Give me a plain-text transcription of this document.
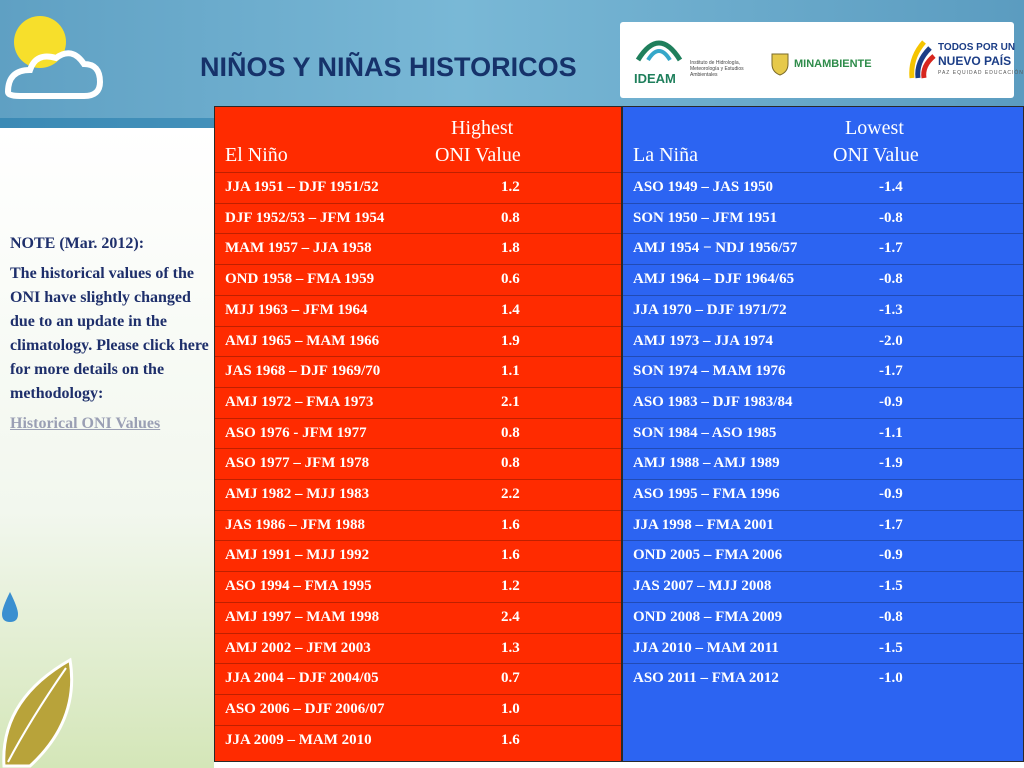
NIÑOS Y NIÑAS HISTORICOS	IDEAM
Instituto de Hidrología, Meteorología y Estudios Ambientales
MINAMBIENTE
TODOS POR UN
NUEVO PAÍS
PAZ EQUIDAD EDUCACIÓN

NOTE (Mar. 2012):

The historical values of the ONI have slightly changed due to an update in the climatology. Please click here for more details on the methodology:

Historical ONI Values

Highest
El Niño	ONI Value
JJA 1951 – DJF 1951/52	1.2
DJF 1952/53 – JFM 1954	0.8
MAM 1957 – JJA 1958	1.8
OND 1958 – FMA 1959	0.6
MJJ 1963 – JFM 1964	1.4
AMJ 1965 – MAM 1966	1.9
JAS 1968 – DJF 1969/70	1.1
AMJ 1972 – FMA 1973	2.1
ASO 1976 - JFM 1977	0.8
ASO 1977 – JFM 1978	0.8
AMJ 1982 – MJJ 1983	2.2
JAS 1986 – JFM 1988	1.6
AMJ 1991 – MJJ 1992	1.6
ASO 1994 – FMA 1995	1.2
AMJ 1997 – MAM 1998	2.4
AMJ 2002 – JFM 2003	1.3
JJA 2004 – DJF 2004/05	0.7
ASO 2006 – DJF 2006/07	1.0
JJA 2009 – MAM 2010	1.6
Lowest
La Niña	ONI Value
ASO 1949 – JAS 1950	-1.4
SON 1950 – JFM 1951	-0.8
AMJ 1954 − NDJ 1956/57	-1.7
AMJ 1964 – DJF 1964/65	-0.8
JJA 1970 – DJF 1971/72	-1.3
AMJ 1973 – JJA 1974	-2.0
SON 1974 – MAM 1976	-1.7
ASO 1983 – DJF 1983/84	-0.9
SON 1984 – ASO 1985	-1.1
AMJ 1988 – AMJ 1989	-1.9
ASO 1995 – FMA 1996	-0.9
JJA 1998 – FMA 2001	-1.7
OND 2005 – FMA 2006	-0.9
JAS 2007 – MJJ 2008	-1.5
OND 2008 – FMA 2009	-0.8
JJA 2010 – MAM 2011	-1.5
ASO 2011 – FMA 2012	-1.0
